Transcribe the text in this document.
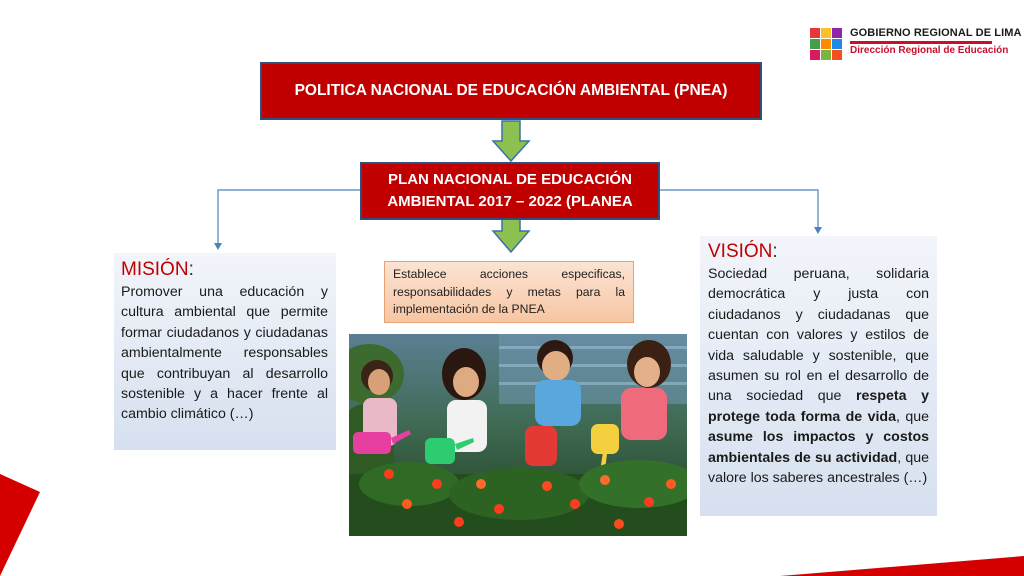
GOBIERNO REGIONAL DE LIMA
Dirección Regional de Educación
POLITICA NACIONAL DE EDUCACIÓN AMBIENTAL (PNEA)
PLAN NACIONAL DE EDUCACIÓN
AMBIENTAL 2017 – 2022 (PLANEA
Establece acciones especificas, responsabilidades y metas para la implementación de la PNEA
MISIÓN:
Promover una educación y cultura ambiental que permite formar ciudadanos y ciudadanas ambientalmente responsables que contribuyan al desarrollo sostenible y a hacer frente al cambio climático (…)
VISIÓN:
Sociedad peruana, solidaria democrática y justa con ciudadanos y ciudadanas que cuentan con valores y estilos de vida saludable y sostenible, que asumen su rol en el desarrollo de una sociedad que respeta y protege toda forma de vida, que asume los impactos y costos ambientales de su actividad, que valore los saberes ancestrales (…)
